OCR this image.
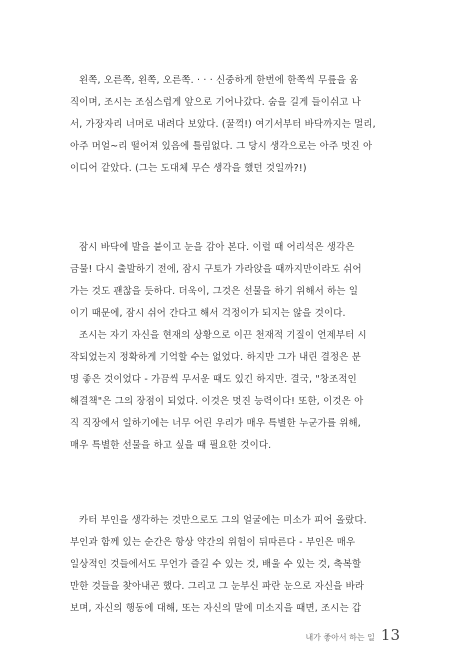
왼쪽, 오른쪽, 왼쪽, 오른쪽. · · · 신중하게 한번에 한쪽씩 무릎을 움
직이며, 조시는 조심스럽게 앞으로 기어나갔다. 숨을 길게 들이쉬고 나
서, 가장자리 너머로 내려다 보았다. (꿀꺽!) 여기서부터 바닥까지는 멀리,
아주 머얼~리 떨어져 있음에 틀림없다. 그 당시 생각으로는 아주 멋진 아
이디어 같았다. (그는 도대체 무슨 생각을 했던 것일까?!)
잠시 바닥에 발을 붙이고 눈을 감아 본다. 이럴 때 어리석은 생각은
금물! 다시 출발하기 전에, 잠시 구토가 가라앉을 때까지만이라도 쉬어
가는 것도 괜찮을 듯하다. 더욱이, 그것은 선물을 하기 위해서 하는 일
이기 때문에, 잠시 쉬어 간다고 해서 걱정이가 되지는 않을 것이다.
조시는 자기 자신을 현재의 상황으로 이끈 천재적 기질이 언제부터 시
작되었는지 정확하게 기억할 수는 없었다. 하지만 그가 내린 결정은 분
명 좋은 것이었다 - 가끔씩 무서운 때도 있긴 하지만. 결국, "창조적인
해결책"은 그의 장점이 되었다. 이것은 멋진 능력이다! 또한, 이것은 아
직 직장에서 일하기에는 너무 어린 우리가 매우 특별한 누군가를 위해,
매우 특별한 선물을 하고 싶을 때 필요한 것이다.
카터 부인을 생각하는 것만으로도 그의 얼굴에는 미소가 피어 올랐다.
부인과 함께 있는 순간은 항상 약간의 위험이 뒤따른다 - 부인은 매우
일상적인 것들에서도 무언가 즐길 수 있는 것, 배울 수 있는 것, 축복할
만한 것들을 찾아내곤 했다. 그리고 그 눈부신 파란 눈으로 자신을 바라
보며, 자신의 행동에 대해, 또는 자신의 말에 미소지을 때면, 조시는 갑
내가 좋아서 하는 일 13
